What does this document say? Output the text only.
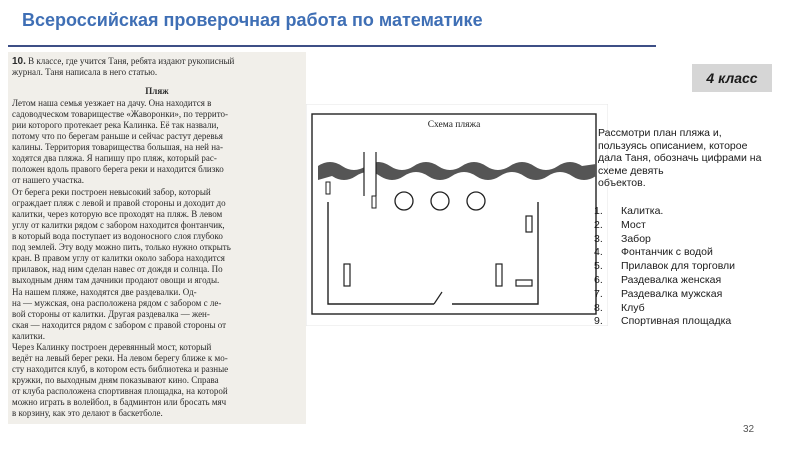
Всероссийская проверочная работа по математике
10. В классе, где учится Таня, ребята издают рукописный
журнал. Таня написала в него статью.
Пляж

Летом наша семья уезжает на дачу. Она находится в
садоводческом товариществе «Жаворонки», по террито-
рии которого протекает река Калинка. Её так назвали,
потому что по берегам раньше и сейчас растут деревья
калины. Территория товарищества большая, на ней на-
ходятся два пляжа. Я напишу про пляж, который рас-
положен вдоль правого берега реки и находится близко
от нашего участка.

От берега реки построен невысокий забор, который
ограждает пляж с левой и правой стороны и доходит до
калитки, через которую все проходят на пляж. В левом
углу от калитки рядом с забором находится фонтанчик,
в который вода поступает из водоносного слоя глубоко
под землей. Эту воду можно пить, только нужно открыть
кран. В правом углу от калитки около забора находится
прилавок, над ним сделан навес от дождя и солнца. По
выходным дням там дачники продают овощи и ягоды.

На нашем пляже, находятся две раздевалки. Од-
на — мужская, она расположена рядом с забором с ле-
вой стороны от калитки. Другая раздевалка — жен-
ская — находится рядом с забором с правой стороны от
калитки.

Через Калинку построен деревянный мост, который
ведёт на левый берег реки. На левом берегу ближе к мо-
сту находится клуб, в котором есть библиотека и разные
кружки, по выходным дням показывают кино. Справа
от клуба расположена спортивная площадка, на которой
можно играть в волейбол, в бадминтон или бросать мяч
в корзину, как это делают в баскетболе.

Схема пляжа
4 класс

Рассмотри план пляжа и,
пользуясь описанием, которое
дала Таня, обозначь цифрами на
схеме девять
объектов.

1. Калитка.
2. Мост
3. Забор
4. Фонтанчик с водой
5. Прилавок для торговли
6. Раздевалка женская
7. Раздевалка мужская
8. Клуб
9. Спортивная площадка
32
